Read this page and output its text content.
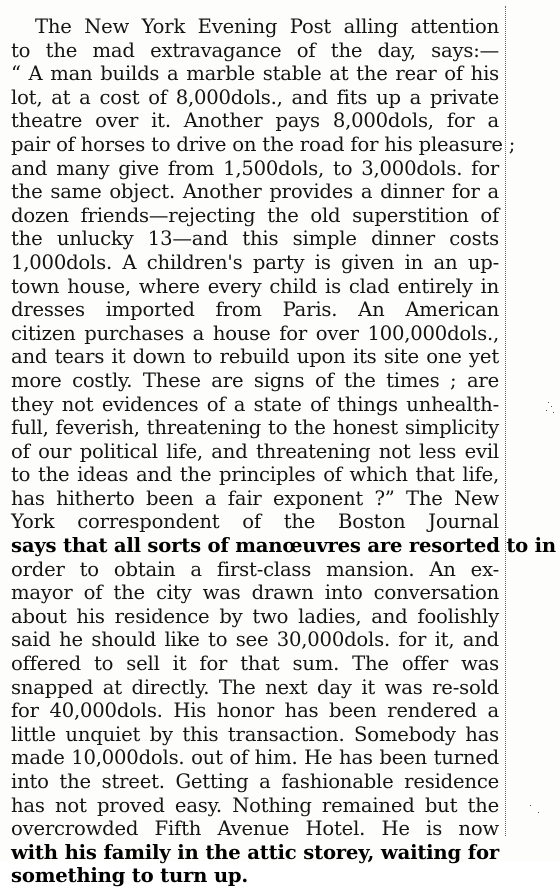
The New York Evening Post alling attention
to the mad extravagance of the day, says:—
“ A man builds a marble stable at the rear of his
lot, at a cost of 8,000dols., and fits up a private
theatre over it. Another pays 8,000dols, for a
pair of horses to drive on the road for his pleasure ;
and many give from 1,500dols, to 3,000dols. for
the same object. Another provides a dinner for a
dozen friends—rejecting the old superstition of
the unlucky 13—and this simple dinner costs
1,000dols. A children's party is given in an up-
town house, where every child is clad entirely in
dresses imported from Paris. An American
citizen purchases a house for over 100,000dols.,
and tears it down to rebuild upon its site one yet
more costly. These are signs of the times ; are
they not evidences of a state of things unhealth-
full, feverish, threatening to the honest simplicity
of our political life, and threatening not less evil
to the ideas and the principles of which that life,
has hitherto been a fair exponent ?” The New
York correspondent of the Boston Journal
says that all sorts of manœuvres are resorted to in
order to obtain a first-class mansion. An ex-
mayor of the city was drawn into conversation
about his residence by two ladies, and foolishly
said he should like to see 30,000dols. for it, and
offered to sell it for that sum. The offer was
snapped at directly. The next day it was re-sold
for 40,000dols. His honor has been rendered a
little unquiet by this transaction. Somebody has
made 10,000dols. out of him. He has been turned
into the street. Getting a fashionable residence
has not proved easy. Nothing remained but the
overcrowded Fifth Avenue Hotel. He is now
with his family in the attic storey, waiting for
something to turn up.
